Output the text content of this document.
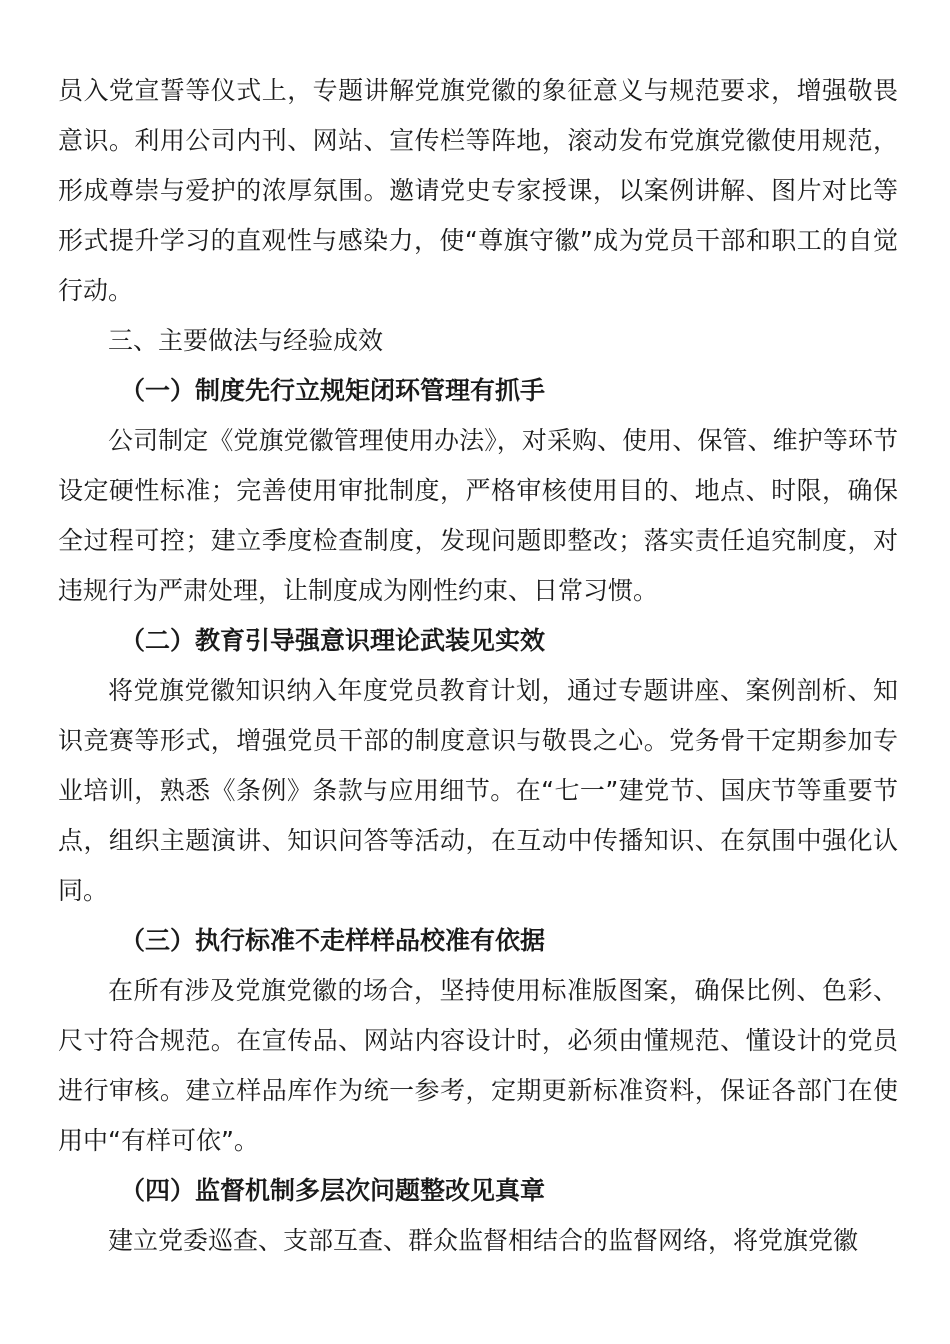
员入党宣誓等仪式上，专题讲解党旗党徽的象征意义与规范要求，增强敬畏意识。利用公司内刊、网站、宣传栏等阵地，滚动发布党旗党徽使用规范，形成尊崇与爱护的浓厚氛围。邀请党史专家授课，以案例讲解、图片对比等形式提升学习的直观性与感染力，使“尊旗守徽”成为党员干部和职工的自觉行动。

三、主要做法与经验成效

（一）制度先行立规矩闭环管理有抓手

公司制定《党旗党徽管理使用办法》，对采购、使用、保管、维护等环节设定硬性标准；完善使用审批制度，严格审核使用目的、地点、时限，确保全过程可控；建立季度检查制度，发现问题即整改；落实责任追究制度，对违规行为严肃处理，让制度成为刚性约束、日常习惯。

（二）教育引导强意识理论武装见实效

将党旗党徽知识纳入年度党员教育计划，通过专题讲座、案例剖析、知识竞赛等形式，增强党员干部的制度意识与敬畏之心。党务骨干定期参加专业培训，熟悉《条例》条款与应用细节。在“七一”建党节、国庆节等重要节点，组织主题演讲、知识问答等活动，在互动中传播知识、在氛围中强化认同。

（三）执行标准不走样样品校准有依据

在所有涉及党旗党徽的场合，坚持使用标准版图案，确保比例、色彩、尺寸符合规范。在宣传品、网站内容设计时，必须由懂规范、懂设计的党员进行审核。建立样品库作为统一参考，定期更新标准资料，保证各部门在使用中“有样可依”。

（四）监督机制多层次问题整改见真章

建立党委巡查、支部互查、群众监督相结合的监督网络，将党旗党徽
